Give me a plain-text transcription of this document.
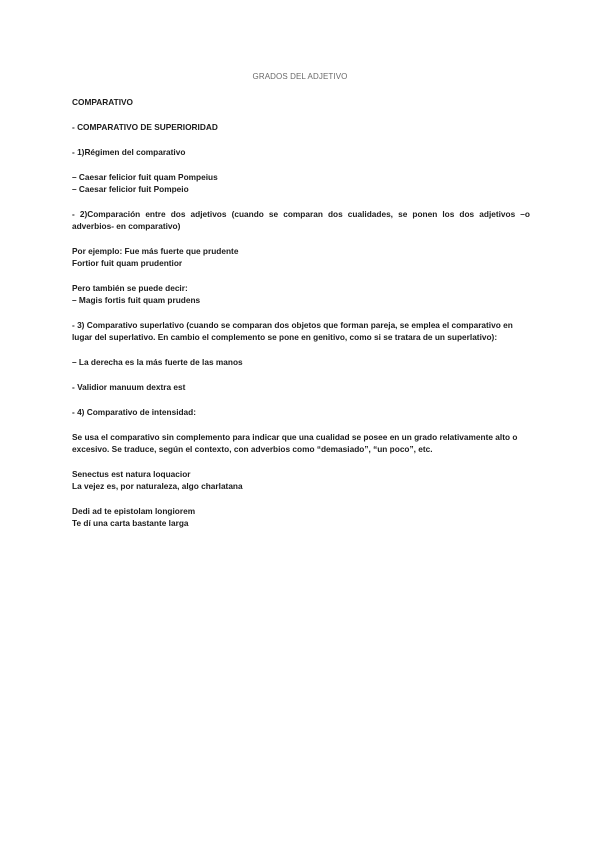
GRADOS DEL ADJETIVO

COMPARATIVO

- COMPARATIVO DE SUPERIORIDAD

- 1)Régimen del comparativo

– Caesar felicior fuit quam Pompeius

– Caesar felicior fuit Pompeio

- 2)Comparación entre dos adjetivos (cuando se comparan dos cualidades, se ponen los dos adjetivos –o adverbios- en comparativo)

Por ejemplo: Fue más fuerte que prudente

Fortior fuit quam prudentior

Pero también se puede decir:

– Magis fortis fuit quam prudens

- 3) Comparativo superlativo (cuando se comparan dos objetos que forman pareja, se emplea el comparativo en lugar del superlativo. En cambio el complemento se pone en genitivo, como si se tratara de un superlativo):

– La derecha es la más fuerte de las manos

- Validior manuum dextra est

- 4) Comparativo de intensidad:

Se usa el comparativo sin complemento para indicar que una cualidad se posee en un grado relativamente alto o excesivo. Se traduce, según el contexto, con adverbios como “demasiado”, “un poco”, etc.

Senectus est natura loquacior

La vejez es, por naturaleza, algo charlatana

Dedi ad te epistolam longiorem

Te dí una carta bastante larga
